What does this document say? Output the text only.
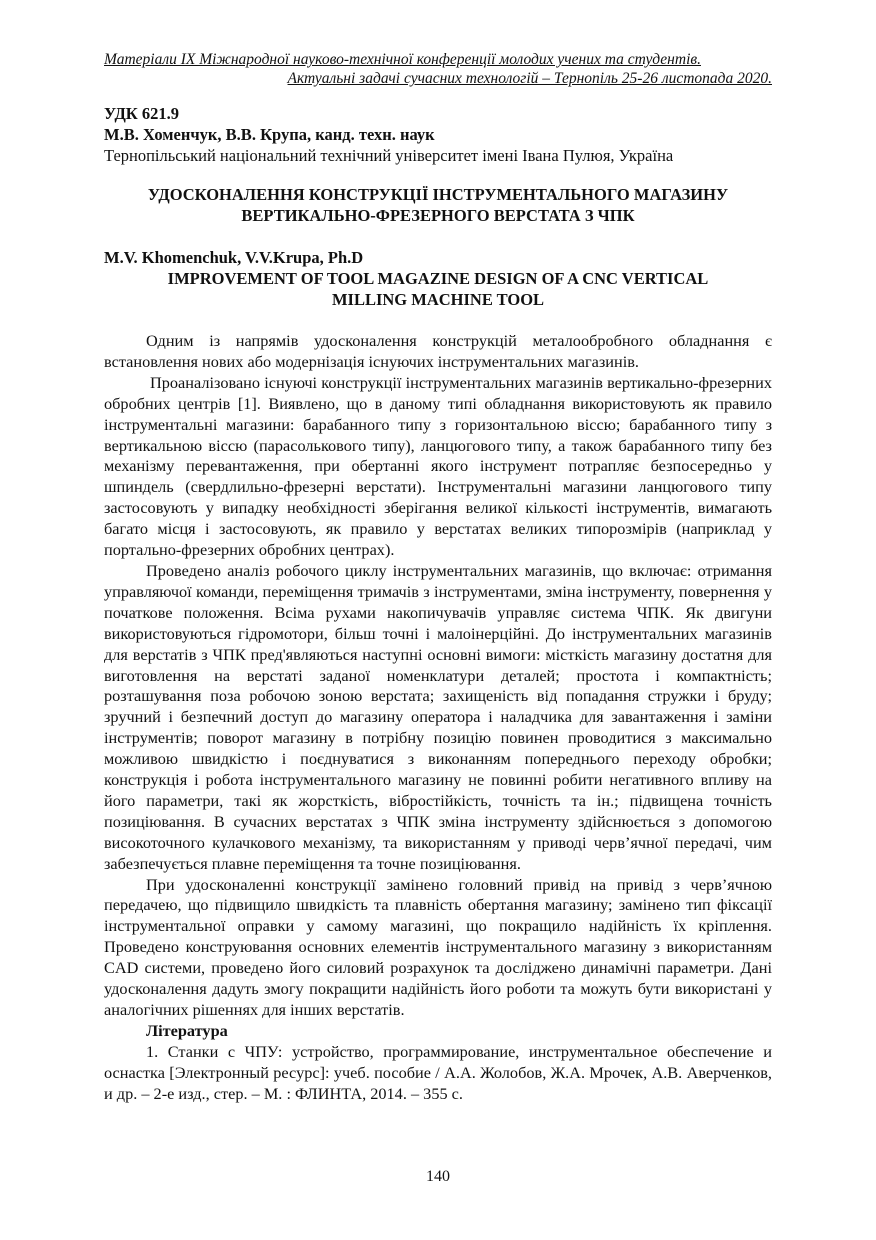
Матеріали IX Міжнародної науково-технічної конференції молодих учених та студентів.
Актуальні задачі сучасних технологій – Тернопіль 25-26 листопада 2020.
УДК 621.9
М.В. Хоменчук, В.В. Крупа, канд. техн. наук
Тернопільський національний технічний університет імені Івана Пулюя, Україна
УДОСКОНАЛЕННЯ КОНСТРУКЦІЇ ІНСТРУМЕНТАЛЬНОГО МАГАЗИНУ
ВЕРТИКАЛЬНО-ФРЕЗЕРНОГО ВЕРСТАТА З ЧПК
M.V. Khomenchuk, V.V.Krupa, Ph.D
IMPROVEMENT OF TOOL MAGAZINE DESIGN OF A CNC VERTICAL
MILLING MACHINE TOOL

Одним із напрямів удосконалення конструкцій металообробного обладнання є встановлення нових або модернізація існуючих інструментальних магазинів.

Проаналізовано існуючі конструкції інструментальних магазинів вертикально-фрезерних обробних центрів [1]. Виявлено, що в даному типі обладнання використовують як правило інструментальні магазини: барабанного типу з горизонтальною віссю; барабанного типу з вертикальною віссю (парасолькового типу), ланцюгового типу, а також барабанного типу без механізму перевантаження, при обертанні якого інструмент потрапляє безпосередньо у шпиндель (свердлильно-фрезерні верстати). Інструментальні магазини ланцюгового типу застосовують у випадку необхідності зберігання великої кількості інструментів, вимагають багато місця і застосовують, як правило у верстатах великих типорозмірів (наприклад у портально-фрезерних обробних центрах).

Проведено аналіз робочого циклу інструментальних магазинів, що включає: отримання управляючої команди, переміщення тримачів з інструментами, зміна інструменту, повернення у початкове положення. Всіма рухами накопичувачів управляє система ЧПК. Як двигуни використовуються гідромотори, більш точні і малоінерційні. До інструментальних магазинів для верстатів з ЧПК пред'являються наступні основні вимоги: місткість магазину достатня для виготовлення на верстаті заданої номенклатури деталей; простота і компактність; розташування поза робочою зоною верстата; захищеність від попадання стружки і бруду; зручний і безпечний доступ до магазину оператора і наладчика для завантаження і заміни інструментів; поворот магазину в потрібну позицію повинен проводитися з максимально можливою швидкістю і поєднуватися з виконанням попереднього переходу обробки; конструкція і робота інструментального магазину не повинні робити негативного впливу на його параметри, такі як жорсткість, віброcтійкість, точність та ін.; підвищена точність позиціювання. В сучасних верстатах з ЧПК зміна інструменту здійснюється з допомогою високоточного кулачкового механізму, та використанням у приводі черв’ячної передачі, чим забезпечується плавне переміщення та точне позиціювання.

При удосконаленні конструкції замінено головний привід на привід з черв’ячною передачею, що підвищило швидкість та плавність обертання магазину; замінено тип фіксації інструментальної оправки у самому магазині, що покращило надійність їх кріплення. Проведено конструювання основних елементів інструментального магазину з використанням CAD системи, проведено його силовий розрахунок та досліджено динамічні параметри. Дані удосконалення дадуть змогу покращити надійність його роботи та можуть бути використані у аналогічних рішеннях для інших верстатів.

Література

1. Станки с ЧПУ: устройство, программирование, инструментальное обеспечение и оснастка [Электронный ресурс]: учеб. пособие / А.А. Жолобов, Ж.А. Мрочек, А.В. Аверченков, и др. – 2-е изд., стер. – М. : ФЛИНТА, 2014. – 355 с.

140
